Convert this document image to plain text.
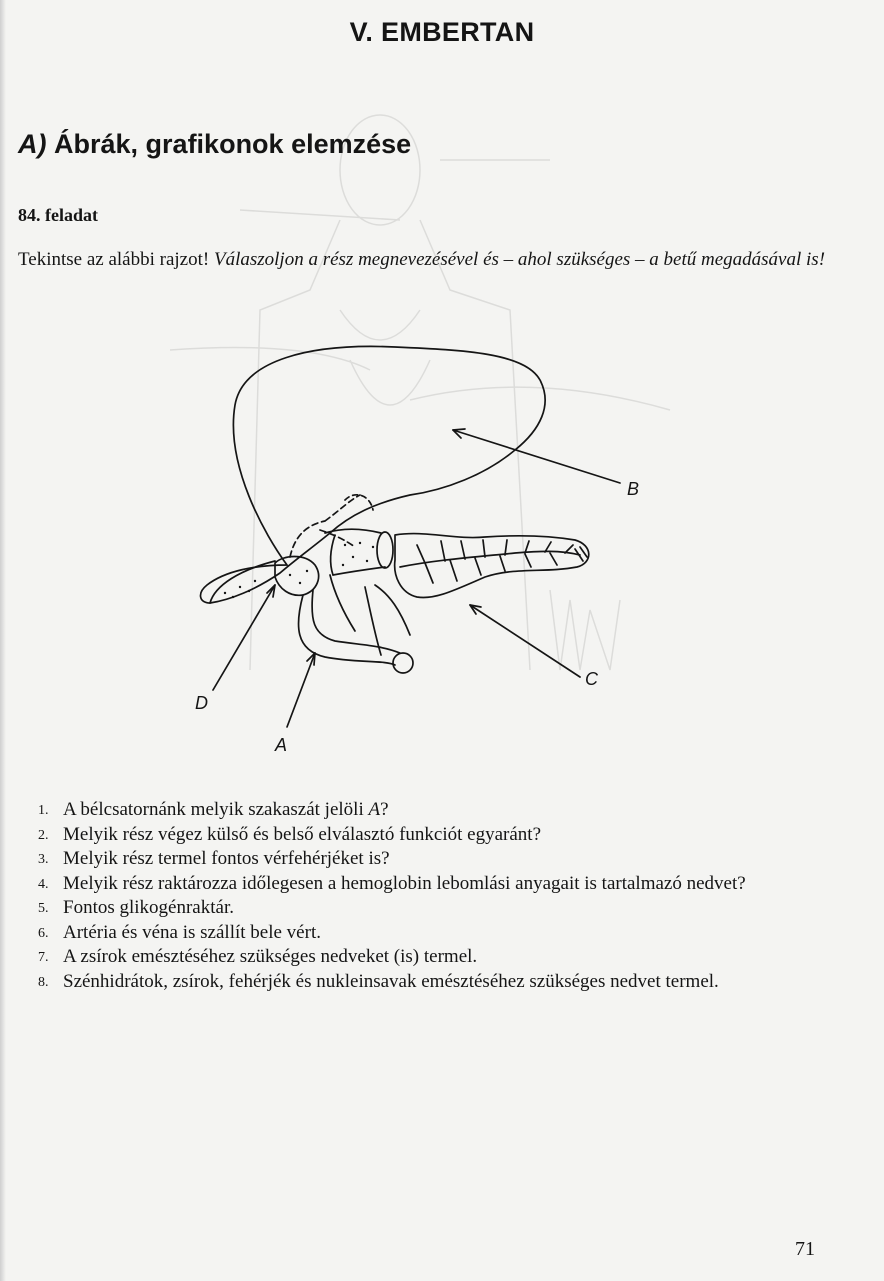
V. EMBERTAN
A) Ábrák, grafikonok elemzése
84. feladat
Tekintse az alábbi rajzot! Válaszoljon a rész megnevezésével és – ahol szükséges – a betű megadásával is!
B
C
D
A
1. A bélcsatornánk melyik szakaszát jelöli A?
2. Melyik rész végez külső és belső elválasztó funkciót egyaránt?
3. Melyik rész termel fontos vérfehérjéket is?
4. Melyik rész raktározza időlegesen a hemoglobin lebomlási anyagait is tartalmazó nedvet?
5. Fontos glikogénraktár.
6. Artéria és véna is szállít bele vért.
7. A zsírok emésztéséhez szükséges nedveket (is) termel.
8. Szénhidrátok, zsírok, fehérjék és nukleinsavak emésztéséhez szükséges nedvet termel.
71
